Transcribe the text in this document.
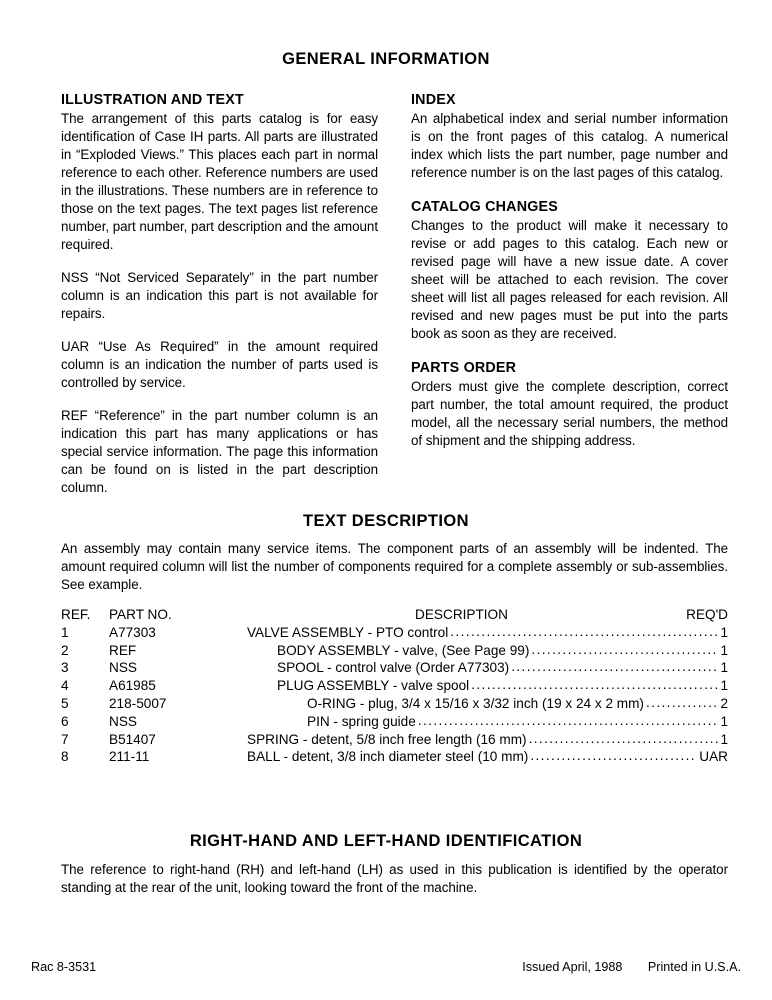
GENERAL INFORMATION
ILLUSTRATION AND TEXT

The arrangement of this parts catalog is for easy identification of Case IH parts. All parts are illustrated in “Exploded Views.” This places each part in normal reference to each other. Reference numbers are used in the illustrations. These numbers are in reference to those on the text pages. The text pages list reference number, part number, part description and the amount required.

NSS “Not Serviced Separately” in the part number column is an indication this part is not available for repairs.

UAR “Use As Required” in the amount required column is an indication the number of parts used is controlled by service.

REF “Reference” in the part number column is an indication this part has many applications or has special service information. The page this information can be found on is listed in the part description column.

INDEX

An alphabetical index and serial number information is on the front pages of this catalog. A numerical index which lists the part number, page number and reference number is on the last pages of this catalog.

CATALOG CHANGES

Changes to the product will make it necessary to revise or add pages to this catalog. Each new or revised page will have a new issue date. A cover sheet will be attached to each revision. The cover sheet will list all pages released for each revision. All revised and new pages must be put into the parts book as soon as they are received.

PARTS ORDER

Orders must give the complete description, correct part number, the total amount required, the product model, all the necessary serial numbers, the method of shipment and the shipping address.

TEXT DESCRIPTION
An assembly may contain many service items. The component parts of an assembly will be indented. The amount required column will list the number of components required for a complete assembly or sub-assemblies. See example.
REF.	PART NO.	DESCRIPTION	REQ'D
1	A77303	VALVE ASSEMBLY - PTO control .....	1
2	REF	BODY ASSEMBLY - valve, (See Page 99) .....	1
3	NSS	SPOOL - control valve (Order A77303) .....	1
4	A61985	PLUG ASSEMBLY - valve spool .....	1
5	218-5007	O-RING - plug, 3/4 x 15/16 x 3/32 inch (19 x 24 x 2 mm) .....	2
6	NSS	PIN - spring guide .....	1
7	B51407	SPRING - detent, 5/8 inch free length (16 mm) .....	1
8	211-11	BALL - detent, 3/8 inch diameter steel (10 mm) .....	UAR
RIGHT-HAND AND LEFT-HAND IDENTIFICATION
The reference to right-hand (RH) and left-hand (LH) as used in this publication is identified by the operator standing at the rear of the unit, looking toward the front of the machine.
Rac 8-3531	Issued April, 1988 Printed in U.S.A.
